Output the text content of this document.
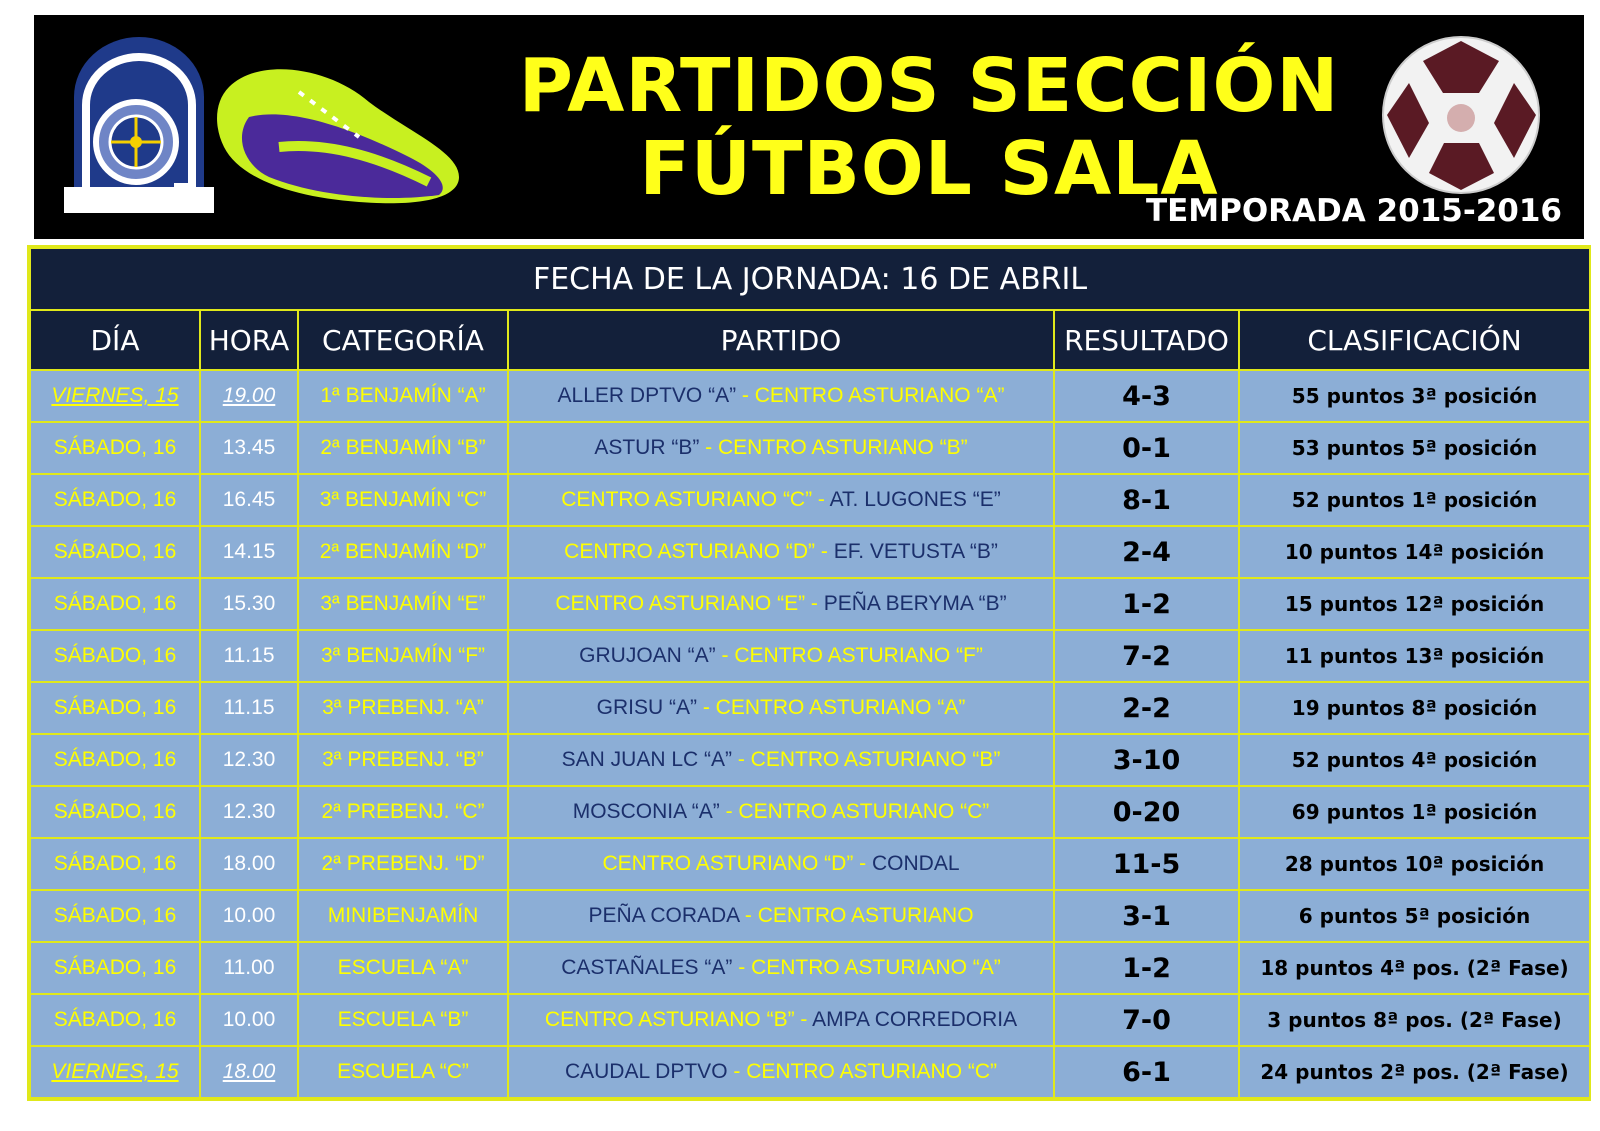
PARTIDOS SECCIÓN
FÚTBOL SALA
TEMPORADA 2015-2016
FECHA DE LA JORNADA: 16 DE ABRIL					
DÍA	HORA	CATEGORÍA	PARTIDO	RESULTADO	CLASIFICACIÓN
VIERNES, 15	19.00	1ª BENJAMÍN “A”	ALLER DPTVO “A” - CENTRO ASTURIANO “A”	4-3	55 puntos 3ª posición
SÁBADO, 16	13.45	2ª BENJAMÍN “B”	ASTUR “B” - CENTRO ASTURIANO “B”	0-1	53 puntos 5ª posición
SÁBADO, 16	16.45	3ª BENJAMÍN “C”	CENTRO ASTURIANO “C” - AT. LUGONES “E”	8-1	52 puntos 1ª posición
SÁBADO, 16	14.15	2ª BENJAMÍN “D”	CENTRO ASTURIANO “D” - EF. VETUSTA “B”	2-4	10 puntos 14ª posición
SÁBADO, 16	15.30	3ª BENJAMÍN “E”	CENTRO ASTURIANO “E” - PEÑA BERYMA “B”	1-2	15 puntos 12ª posición
SÁBADO, 16	11.15	3ª BENJAMÍN “F”	GRUJOAN “A” - CENTRO ASTURIANO “F”	7-2	11 puntos 13ª posición
SÁBADO, 16	11.15	3ª PREBENJ. “A”	GRISU “A” - CENTRO ASTURIANO “A”	2-2	19 puntos 8ª posición
SÁBADO, 16	12.30	3ª PREBENJ. “B”	SAN JUAN LC “A” - CENTRO ASTURIANO “B”	3-10	52 puntos 4ª posición
SÁBADO, 16	12.30	2ª PREBENJ. “C”	MOSCONIA “A” - CENTRO ASTURIANO “C”	0-20	69 puntos 1ª posición
SÁBADO, 16	18.00	2ª PREBENJ. “D”	CENTRO ASTURIANO “D” - CONDAL	11-5	28 puntos 10ª posición
SÁBADO, 16	10.00	MINIBENJAMÍN	PEÑA CORADA - CENTRO ASTURIANO	3-1	6 puntos 5ª posición
SÁBADO, 16	11.00	ESCUELA “A”	CASTAÑALES “A” - CENTRO ASTURIANO “A”	1-2	18 puntos 4ª pos. (2ª Fase)
SÁBADO, 16	10.00	ESCUELA “B”	CENTRO ASTURIANO “B” - AMPA CORREDORIA	7-0	3 puntos 8ª pos. (2ª Fase)
VIERNES, 15	18.00	ESCUELA “C”	CAUDAL DPTVO - CENTRO ASTURIANO “C”	6-1	24 puntos 2ª pos. (2ª Fase)
